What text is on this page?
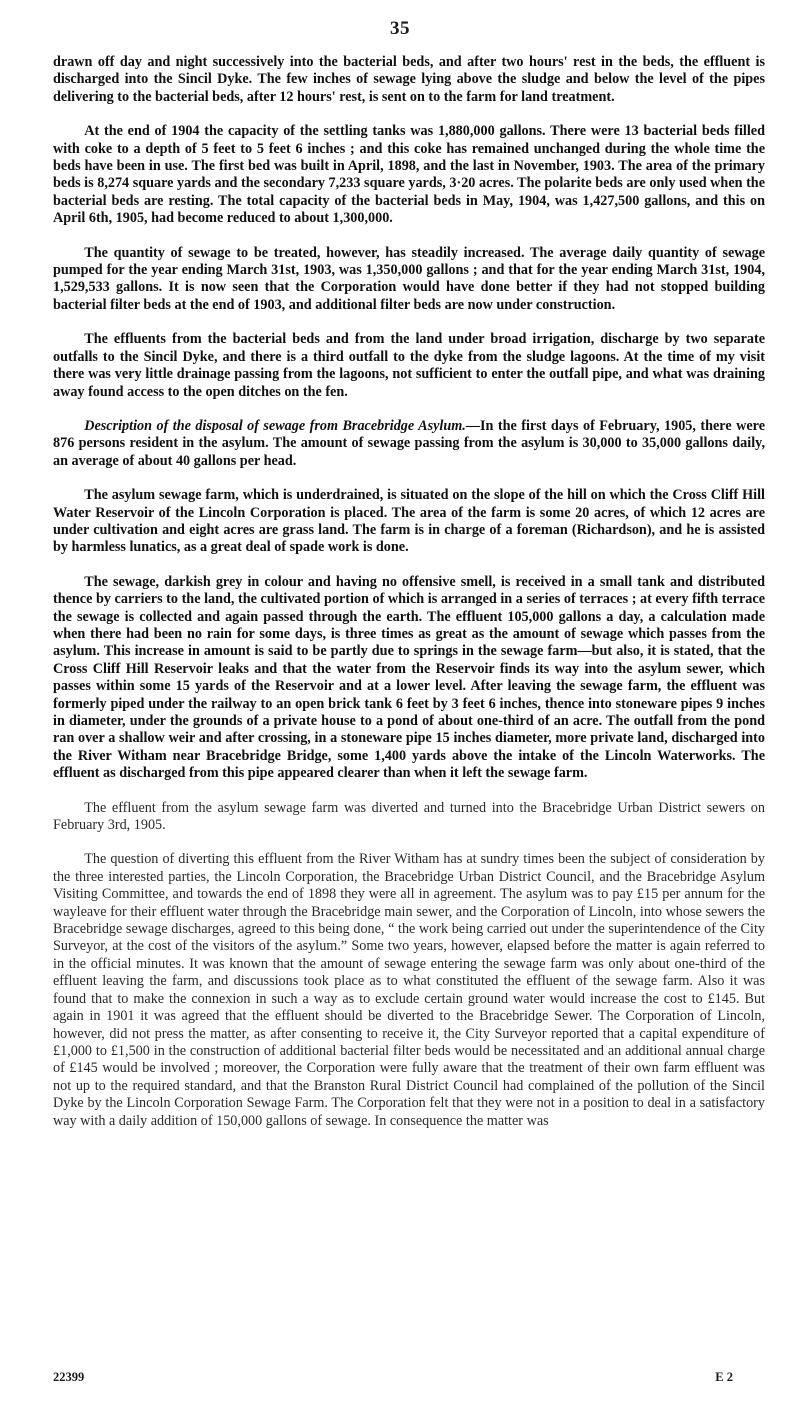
35

drawn off day and night successively into the bacterial beds, and after two hours' rest in the beds, the effluent is discharged into the Sincil Dyke. The few inches of sewage lying above the sludge and below the level of the pipes delivering to the bacterial beds, after 12 hours' rest, is sent on to the farm for land treatment.

At the end of 1904 the capacity of the settling tanks was 1,880,000 gallons. There were 13 bacterial beds filled with coke to a depth of 5 feet to 5 feet 6 inches ; and this coke has remained unchanged during the whole time the beds have been in use. The first bed was built in April, 1898, and the last in November, 1903. The area of the primary beds is 8,274 square yards and the secondary 7,233 square yards, 3·20 acres. The polarite beds are only used when the bacterial beds are resting. The total capacity of the bacterial beds in May, 1904, was 1,427,500 gallons, and this on April 6th, 1905, had become reduced to about 1,300,000.

The quantity of sewage to be treated, however, has steadily increased. The average daily quantity of sewage pumped for the year ending March 31st, 1903, was 1,350,000 gallons ; and that for the year ending March 31st, 1904, 1,529,533 gallons. It is now seen that the Corporation would have done better if they had not stopped building bacterial filter beds at the end of 1903, and additional filter beds are now under construction.

The effluents from the bacterial beds and from the land under broad irrigation, discharge by two separate outfalls to the Sincil Dyke, and there is a third outfall to the dyke from the sludge lagoons. At the time of my visit there was very little drainage passing from the lagoons, not sufficient to enter the outfall pipe, and what was draining away found access to the open ditches on the fen.

Description of the disposal of sewage from Bracebridge Asylum.—In the first days of February, 1905, there were 876 persons resident in the asylum. The amount of sewage passing from the asylum is 30,000 to 35,000 gallons daily, an average of about 40 gallons per head.

The asylum sewage farm, which is underdrained, is situated on the slope of the hill on which the Cross Cliff Hill Water Reservoir of the Lincoln Corporation is placed. The area of the farm is some 20 acres, of which 12 acres are under cultivation and eight acres are grass land. The farm is in charge of a foreman (Richardson), and he is assisted by harmless lunatics, as a great deal of spade work is done.

The sewage, darkish grey in colour and having no offensive smell, is received in a small tank and distributed thence by carriers to the land, the cultivated portion of which is arranged in a series of terraces ; at every fifth terrace the sewage is collected and again passed through the earth. The effluent 105,000 gallons a day, a calculation made when there had been no rain for some days, is three times as great as the amount of sewage which passes from the asylum. This increase in amount is said to be partly due to springs in the sewage farm—but also, it is stated, that the Cross Cliff Hill Reservoir leaks and that the water from the Reservoir finds its way into the asylum sewer, which passes within some 15 yards of the Reservoir and at a lower level. After leaving the sewage farm, the effluent was formerly piped under the railway to an open brick tank 6 feet by 3 feet 6 inches, thence into stoneware pipes 9 inches in diameter, under the grounds of a private house to a pond of about one-third of an acre. The outfall from the pond ran over a shallow weir and after crossing, in a stoneware pipe 15 inches diameter, more private land, discharged into the River Witham near Bracebridge Bridge, some 1,400 yards above the intake of the Lincoln Waterworks. The effluent as discharged from this pipe appeared clearer than when it left the sewage farm.

The effluent from the asylum sewage farm was diverted and turned into the Bracebridge Urban District sewers on February 3rd, 1905.

The question of diverting this effluent from the River Witham has at sundry times been the subject of consideration by the three interested parties, the Lincoln Corporation, the Bracebridge Urban District Council, and the Bracebridge Asylum Visiting Committee, and towards the end of 1898 they were all in agreement. The asylum was to pay £15 per annum for the wayleave for their effluent water through the Bracebridge main sewer, and the Corporation of Lincoln, into whose sewers the Bracebridge sewage discharges, agreed to this being done, “ the work being carried out under the superintendence of the City Surveyor, at the cost of the visitors of the asylum.” Some two years, however, elapsed before the matter is again referred to in the official minutes. It was known that the amount of sewage entering the sewage farm was only about one-third of the effluent leaving the farm, and discussions took place as to what constituted the effluent of the sewage farm. Also it was found that to make the connexion in such a way as to exclude certain ground water would increase the cost to £145. But again in 1901 it was agreed that the effluent should be diverted to the Bracebridge Sewer. The Corporation of Lincoln, however, did not press the matter, as after consenting to receive it, the City Surveyor reported that a capital expenditure of £1,000 to £1,500 in the construction of additional bacterial filter beds would be necessitated and an additional annual charge of £145 would be involved ; moreover, the Corporation were fully aware that the treatment of their own farm effluent was not up to the required standard, and that the Branston Rural District Council had complained of the pollution of the Sincil Dyke by the Lincoln Corporation Sewage Farm. The Corporation felt that they were not in a position to deal in a satisfactory way with a daily addition of 150,000 gallons of sewage. In consequence the matter was

22399	E 2
